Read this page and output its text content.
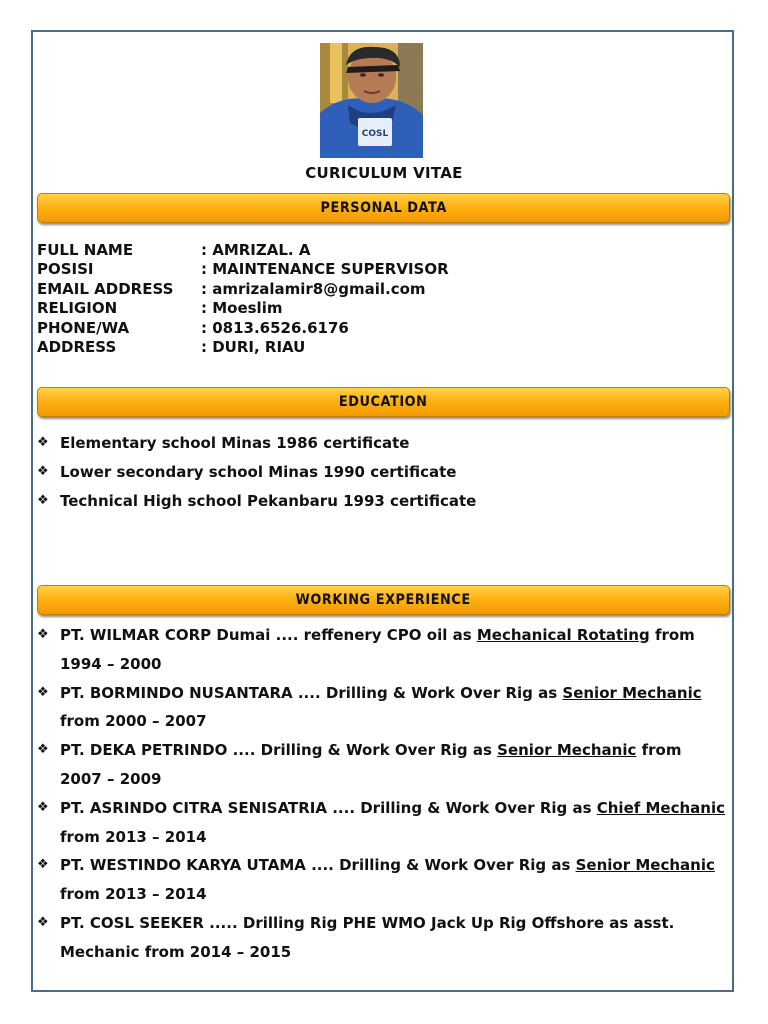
COSL
CURICULUM VITAE
PERSONAL DATA
FULL NAME	: AMRIZAL. A
POSISI	: MAINTENANCE SUPERVISOR
EMAIL ADDRESS	: amrizalamir8@gmail.com
RELIGION	: Moeslim
PHONE/WA	: 0813.6526.6176
ADDRESS	: DURI, RIAU
EDUCATION
❖ Elementary school Minas 1986 certificate
❖ Lower secondary school Minas 1990 certificate
❖ Technical High school Pekanbaru 1993 certificate
WORKING EXPERIENCE
❖ PT. WILMAR CORP Dumai .... reffenery CPO oil as Mechanical Rotating from 1994 – 2000
❖ PT. BORMINDO NUSANTARA .... Drilling & Work Over Rig as Senior Mechanic from 2000 – 2007
❖ PT. DEKA PETRINDO .... Drilling & Work Over Rig as Senior Mechanic from 2007 – 2009
❖ PT. ASRINDO CITRA SENISATRIA .... Drilling & Work Over Rig as Chief Mechanic from 2013 – 2014
❖ PT. WESTINDO KARYA UTAMA .... Drilling & Work Over Rig as Senior Mechanic from 2013 – 2014
❖ PT. COSL SEEKER ..... Drilling Rig PHE WMO Jack Up Rig Offshore as asst. Mechanic from 2014 – 2015
